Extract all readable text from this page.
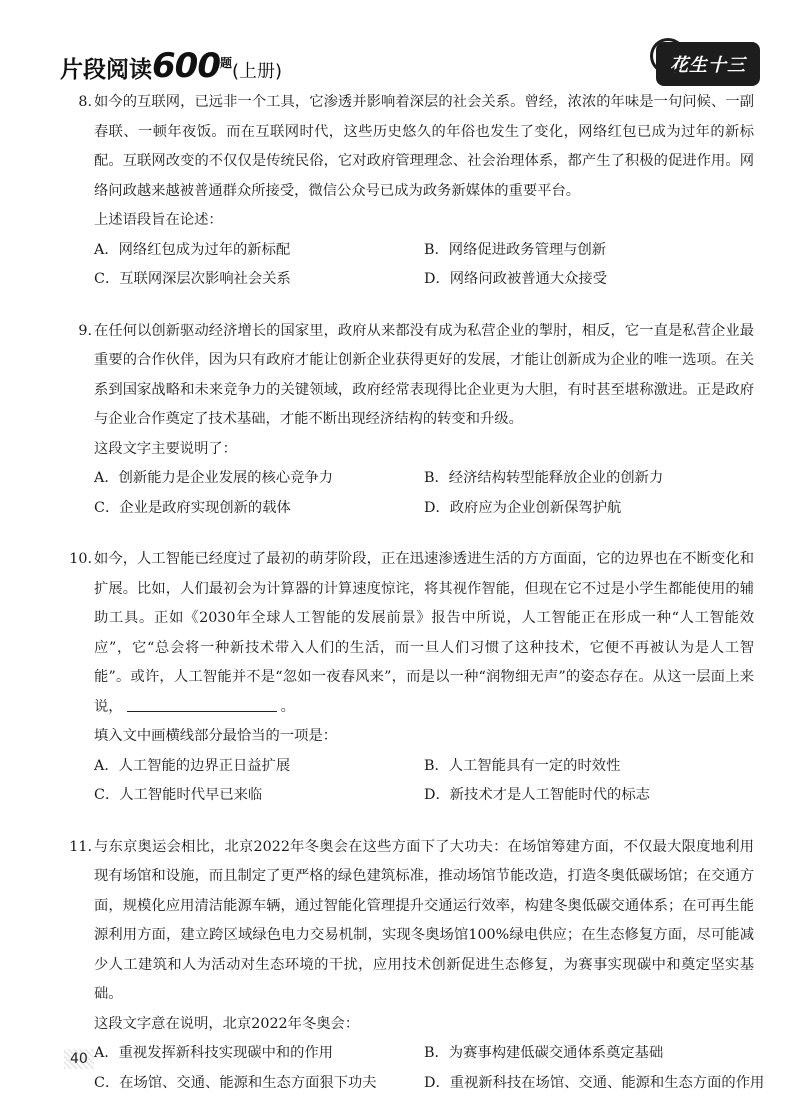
片段阅读$600^题$(上册)	花生十三
8. 如今的互联网，已远非一个工具，它渗透并影响着深层的社会关系。曾经，浓浓的年味是一句问候、一副春联、一顿年夜饭。而在互联网时代，这些历史悠久的年俗也发生了变化，网络红包已成为过年的新标配。互联网改变的不仅仅是传统民俗，它对政府管理理念、社会治理体系，都产生了积极的促进作用。网络问政越来越被普通群众所接受，微信公众号已成为政务新媒体的重要平台。
上述语段旨在论述：
A．网络红包成为过年的新标配	B．网络促进政务管理与创新
C．互联网深层次影响社会关系	D．网络问政被普通大众接受
9. 在任何以创新驱动经济增长的国家里，政府从来都没有成为私营企业的掣肘，相反，它一直是私营企业最重要的合作伙伴，因为只有政府才能让创新企业获得更好的发展，才能让创新成为企业的唯一选项。在关系到国家战略和未来竞争力的关键领域，政府经常表现得比企业更为大胆，有时甚至堪称激进。正是政府与企业合作奠定了技术基础，才能不断出现经济结构的转变和升级。
这段文字主要说明了：
A．创新能力是企业发展的核心竞争力	B．经济结构转型能释放企业的创新力
C．企业是政府实现创新的载体	D．政府应为企业创新保驾护航
10. 如今，人工智能已经度过了最初的萌芽阶段，正在迅速渗透进生活的方方面面，它的边界也在不断变化和扩展。比如，人们最初会为计算器的计算速度惊诧，将其视作智能，但现在它不过是小学生都能使用的辅助工具。正如《2030年全球人工智能的发展前景》报告中所说，人工智能正在形成一种“人工智能效应”，它“总会将一种新技术带入人们的生活，而一旦人们习惯了这种技术，它便不再被认为是人工智能”。或许，人工智能并不是“忽如一夜春风来”，而是以一种“润物细无声”的姿态存在。从这一层面上来说，	。
填入文中画横线部分最恰当的一项是：
A．人工智能的边界正日益扩展	B．人工智能具有一定的时效性
C．人工智能时代早已来临	D．新技术才是人工智能时代的标志
11. 与东京奥运会相比，北京2022年冬奥会在这些方面下了大功夫：在场馆筹建方面，不仅最大限度地利用现有场馆和设施，而且制定了更严格的绿色建筑标准，推动场馆节能改造，打造冬奥低碳场馆；在交通方面，规模化应用清洁能源车辆，通过智能化管理提升交通运行效率，构建冬奥低碳交通体系；在可再生能源利用方面，建立跨区域绿色电力交易机制，实现冬奥场馆100%绿电供应；在生态修复方面，尽可能减少人工建筑和人为活动对生态环境的干扰，应用技术创新促进生态修复，为赛事实现碳中和奠定坚实基础。
这段文字意在说明，北京2022年冬奥会：
A．重视发挥新科技实现碳中和的作用	B．为赛事构建低碳交通体系奠定基础
C．在场馆、交通、能源和生态方面狠下功夫	D．重视新科技在场馆、交通、能源和生态方面的作用
40
